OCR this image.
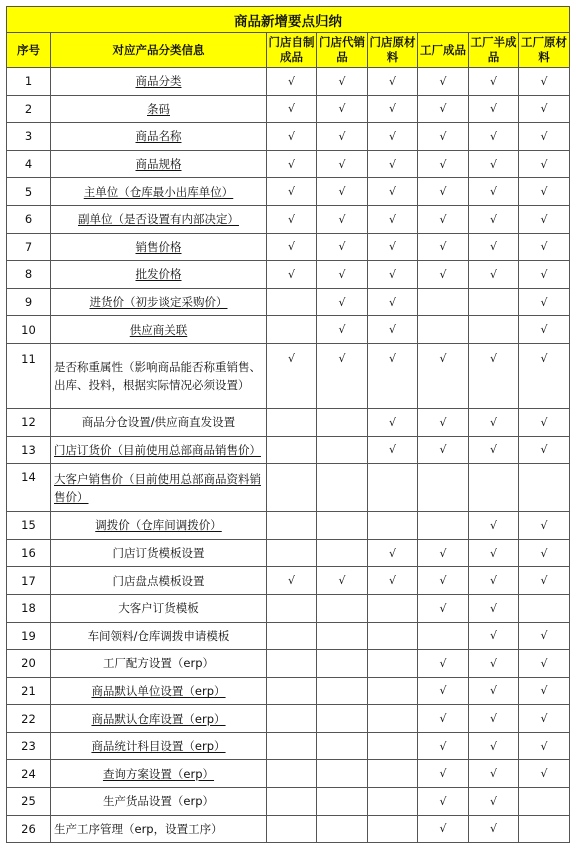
商品新增要点归纳							
序号	对应产品分类信息	门店自制成品	门店代销品	门店原材料	工厂成品	工厂半成品	工厂原材料
1	商品分类	√	√	√	√	√	√
2	条码	√	√	√	√	√	√
3	商品名称	√	√	√	√	√	√
4	商品规格	√	√	√	√	√	√
5	主单位（仓库最小出库单位）	√	√	√	√	√	√
6	副单位（是否设置有内部决定）	√	√	√	√	√	√
7	销售价格	√	√	√	√	√	√
8	批发价格	√	√	√	√	√	√
9	进货价（初步谈定采购价）		√	√			√
10	供应商关联		√	√			√
11	是否称重属性（影响商品能否称重销售、出库、投料，根据实际情况必须设置）	√	√	√	√	√	√
12	商品分仓设置/供应商直发设置			√	√	√	√
13	门店订货价（目前使用总部商品销售价）			√	√	√	√
14	大客户销售价（目前使用总部商品资料销售价）						
15	调拨价（仓库间调拨价）					√	√
16	门店订货模板设置			√	√	√	√
17	门店盘点模板设置	√	√	√	√	√	√
18	大客户订货模板				√	√	
19	车间领料/仓库调拨申请模板					√	√
20	工厂配方设置（erp）				√	√	√
21	商品默认单位设置（erp）				√	√	√
22	商品默认仓库设置（erp）				√	√	√
23	商品统计科目设置（erp）				√	√	√
24	查询方案设置（erp）				√	√	√
25	生产货品设置（erp）				√	√	
26	生产工序管理（erp，设置工序）				√	√	
